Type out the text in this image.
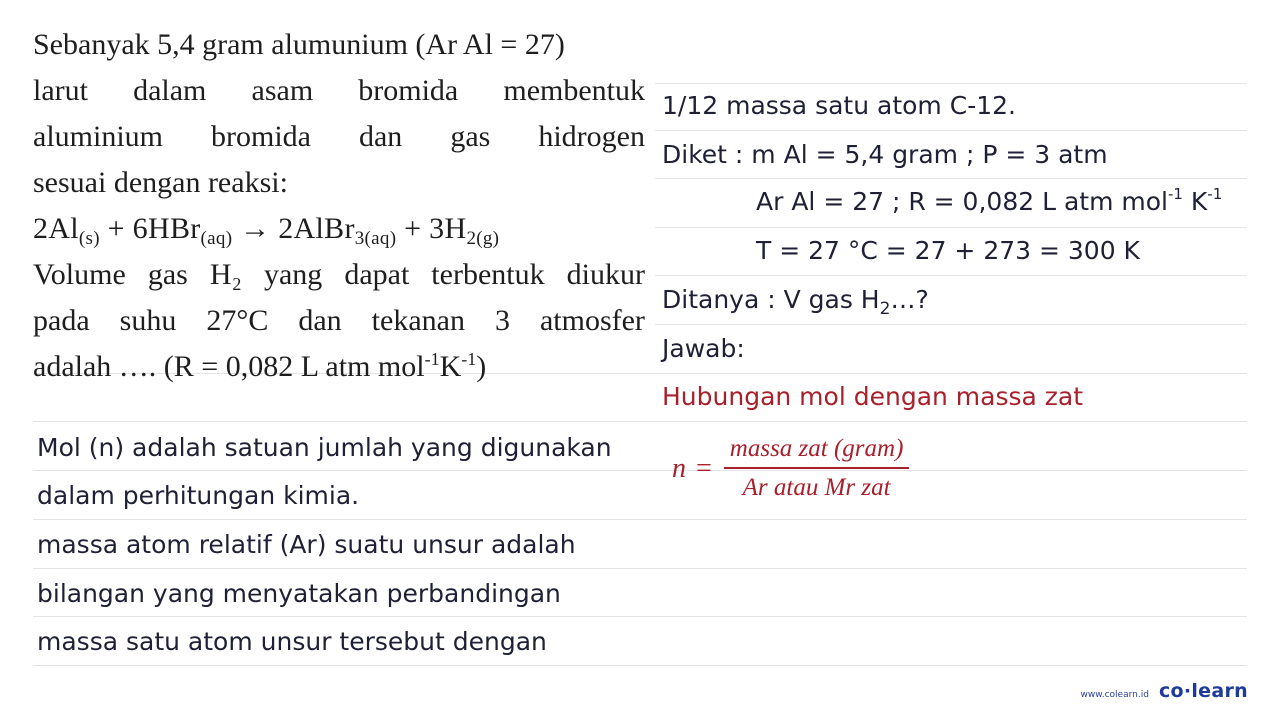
Sebanyak 5,4 gram alumunium (Ar Al = 27)
larut dalam asam bromida membentuk
aluminium bromida dan gas hidrogen
sesuai dengan reaksi:
$2Al_{(s)} + 6HBr_{(aq)}$ → 2AlBr$_{3(aq)}$ + $3H_{2(g)}$
Volume gas H₂ yang dapat terbentuk diukur
pada suhu 27°C dan tekanan 3 atmosfer
adalah …. (R = 0,082 L atm $mol^{-1}K^{-1}$)
1/12 massa satu atom C-12.
Diket : m Al = 5,4 gram ; P = 3 atm
Ar Al = 27 ; R = 0,082 L atm mol$^{-1}$ $K^{-1}$
T = 27 °C = 27 + 273 = 300 K
Ditanya : V gas $H_2\dots$?
Jawab:
Hubungan mol dengan massa zat
$n = \frac{\text{massa zat (gram)}}{\text{Ar atau Mr zat}}$
Mol (n) adalah satuan jumlah yang digunakan
dalam perhitungan kimia.
massa atom relatif (Ar) suatu unsur adalah
bilangan yang menyatakan perbandingan
massa satu atom unsur tersebut dengan
www.colearn.id co·learn
